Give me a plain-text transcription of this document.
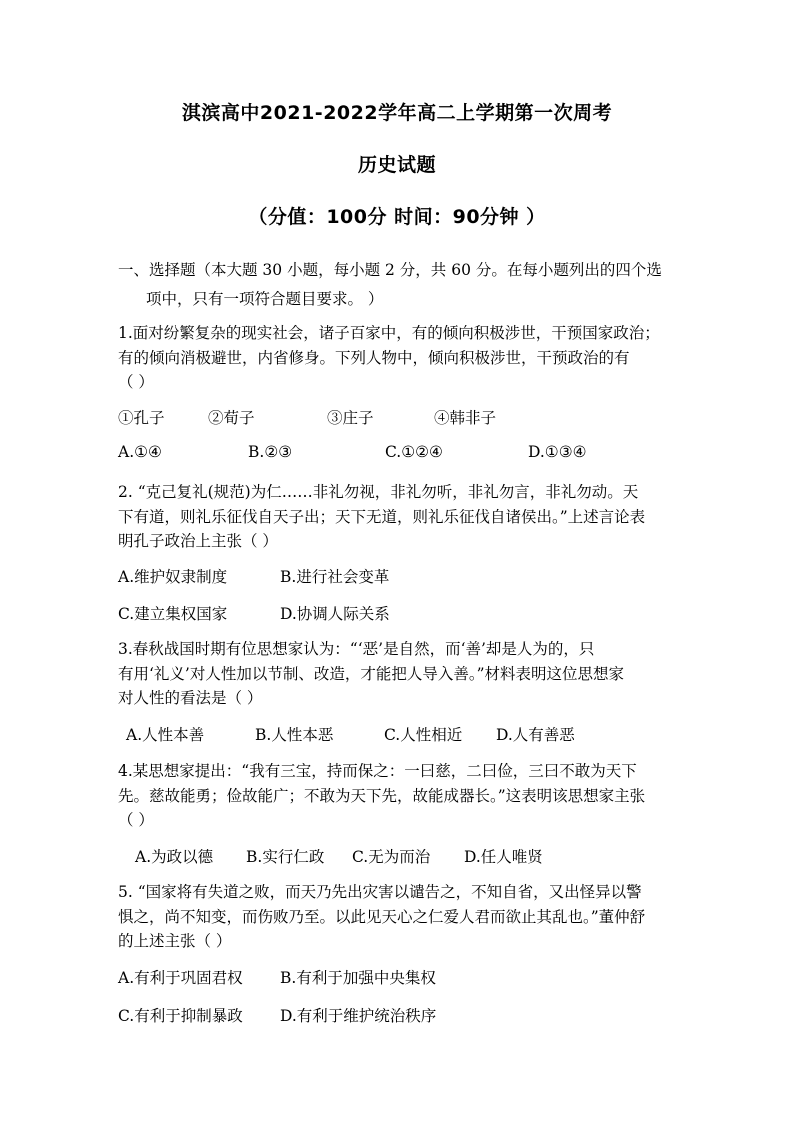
淇滨高中2021-2022学年高二上学期第一次周考
历史试题
（分值：100分 时间：90分钟 ）
一、选择题（本大题 30 小题，每小题 2 分，共 60 分。在每小题列出的四个选
项中，只有一项符合题目要求。 ）
1.面对纷繁复杂的现实社会，诸子百家中，有的倾向积极涉世，干预国家政治；
有的倾向消极避世，内省修身。下列人物中，倾向积极涉世，干预政治的有
（ ）
①孔子	②荀子	③庄子	④韩非子
A.①④	B.②③	C.①②④	D.①③④
2. “克己复礼(规范)为仁……非礼勿视，非礼勿听，非礼勿言，非礼勿动。天
下有道，则礼乐征伐自天子出；天下无道，则礼乐征伐自诸侯出。”上述言论表
明孔子政治上主张（ ）
A.维护奴隶制度	B.进行社会变革
C.建立集权国家	D.协调人际关系
3.春秋战国时期有位思想家认为：“‘恶’是自然，而‘善’却是人为的，只
有用‘礼义’对人性加以节制、改造，才能把人导入善。”材料表明这位思想家
对人性的看法是（ ）
A.人性本善	B.人性本恶	C.人性相近 D.人有善恶
4.某思想家提出：“我有三宝，持而保之：一曰慈，二曰俭，三曰不敢为天下
先。慈故能勇；俭故能广；不敢为天下先，故能成器长。”这表明该思想家主张
（ ）
A.为政以德 B.实行仁政 C.无为而治 D.任人唯贤
5. “国家将有失道之败，而天乃先出灾害以谴告之，不知自省，又出怪异以警
惧之，尚不知变，而伤败乃至。以此见天心之仁爱人君而欲止其乱也。”董仲舒
的上述主张（ ）
A.有利于巩固君权 B.有利于加强中央集权
C.有利于抑制暴政 D.有利于维护统治秩序
